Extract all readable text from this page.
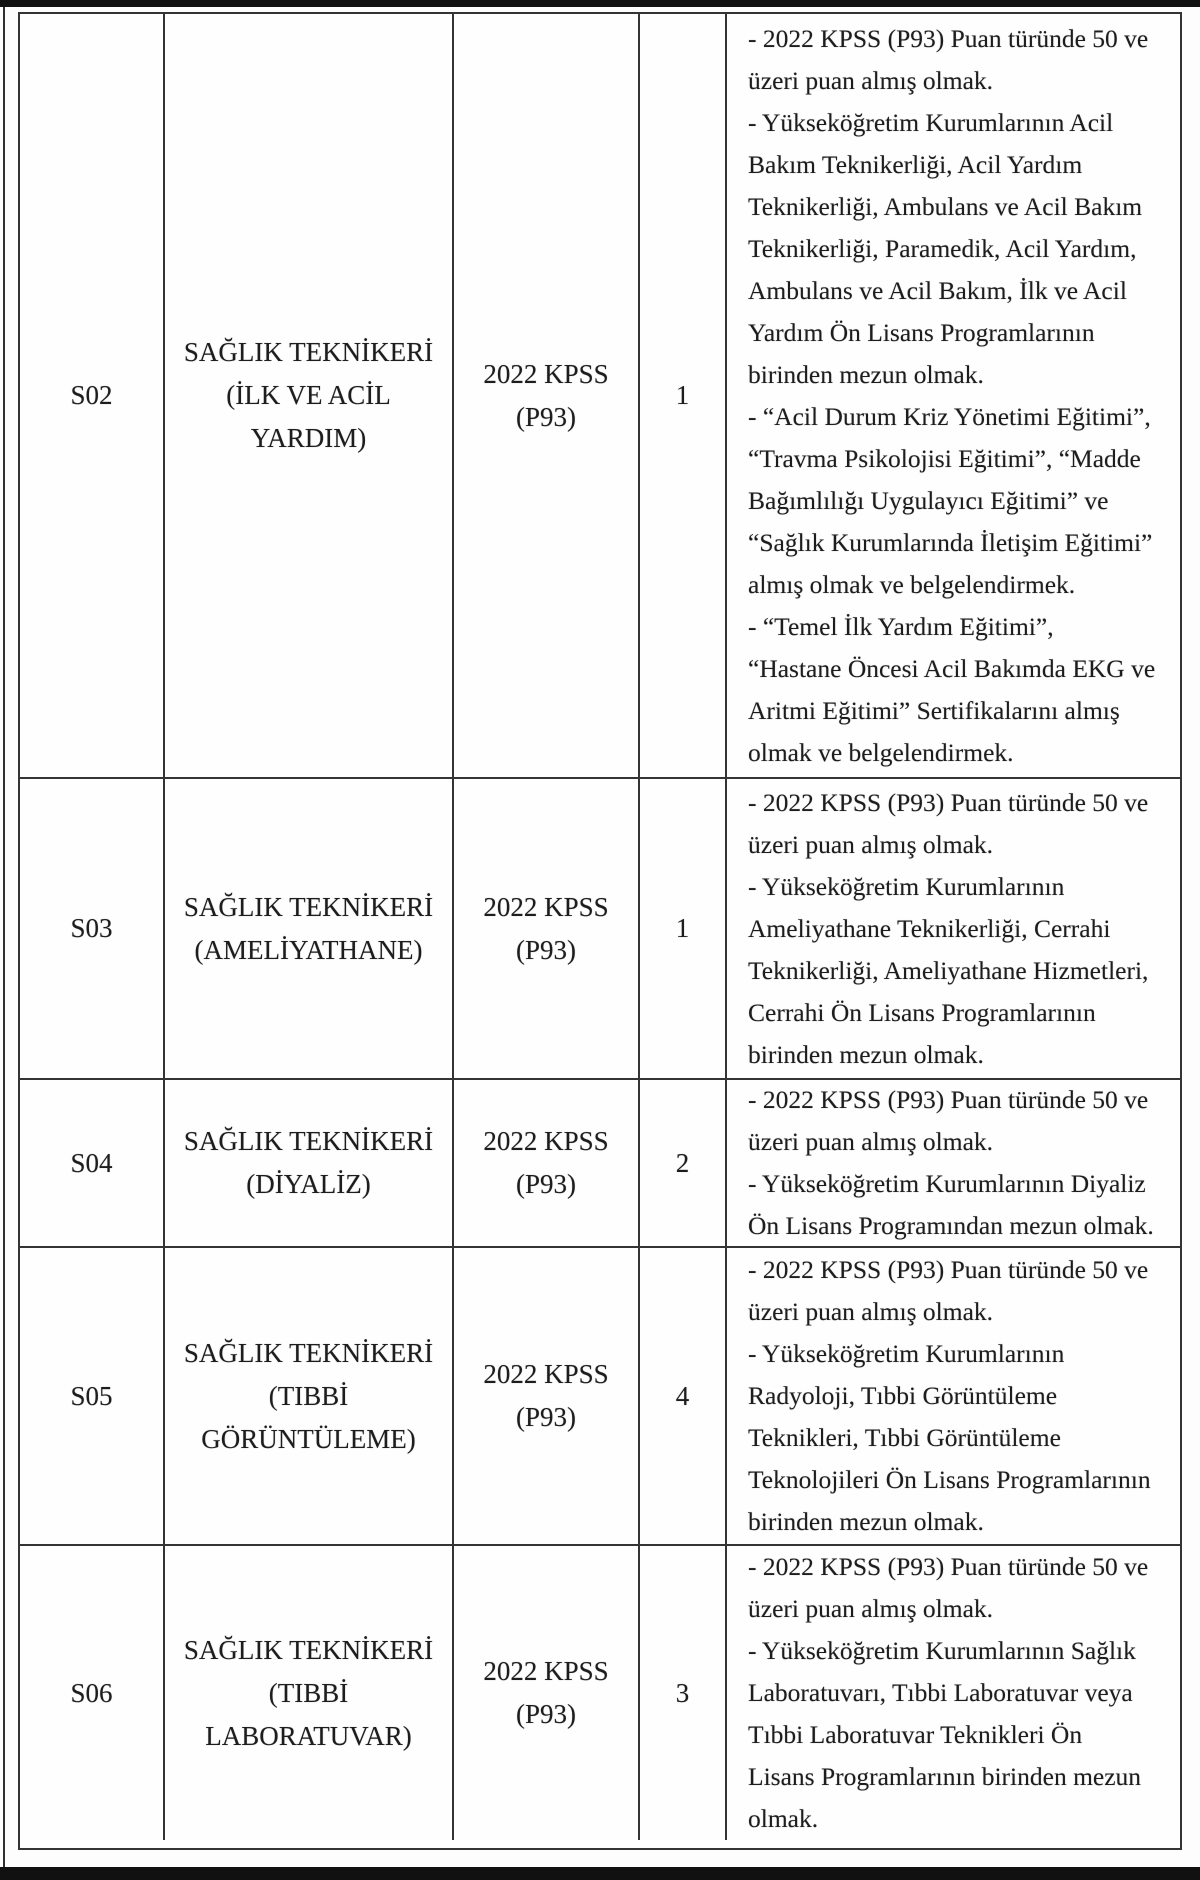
S02
SAĞLIK TEKNİKERİ
(İLK VE ACİL
YARDIM)
2022 KPSS
(P93)
1
- 2022 KPSS (P93) Puan türünde 50 ve
üzeri puan almış olmak.
- Yükseköğretim Kurumlarının Acil
Bakım Teknikerliği, Acil Yardım
Teknikerliği, Ambulans ve Acil Bakım
Teknikerliği, Paramedik, Acil Yardım,
Ambulans ve Acil Bakım, İlk ve Acil
Yardım Ön Lisans Programlarının
birinden mezun olmak.
- “Acil Durum Kriz Yönetimi Eğitimi”,
“Travma Psikolojisi Eğitimi”, “Madde
Bağımlılığı Uygulayıcı Eğitimi” ve
“Sağlık Kurumlarında İletişim Eğitimi”
almış olmak ve belgelendirmek.
- “Temel İlk Yardım Eğitimi”,
“Hastane Öncesi Acil Bakımda EKG ve
Aritmi Eğitimi” Sertifikalarını almış
olmak ve belgelendirmek.
S03
SAĞLIK TEKNİKERİ
(AMELİYATHANE)
2022 KPSS
(P93)
1
- 2022 KPSS (P93) Puan türünde 50 ve
üzeri puan almış olmak.
- Yükseköğretim Kurumlarının
Ameliyathane Teknikerliği, Cerrahi
Teknikerliği, Ameliyathane Hizmetleri,
Cerrahi Ön Lisans Programlarının
birinden mezun olmak.
S04
SAĞLIK TEKNİKERİ
(DİYALİZ)
2022 KPSS
(P93)
2
- 2022 KPSS (P93) Puan türünde 50 ve
üzeri puan almış olmak.
- Yükseköğretim Kurumlarının Diyaliz
Ön Lisans Programından mezun olmak.
S05
SAĞLIK TEKNİKERİ
(TIBBİ
GÖRÜNTÜLEME)
2022 KPSS
(P93)
4
- 2022 KPSS (P93) Puan türünde 50 ve
üzeri puan almış olmak.
- Yükseköğretim Kurumlarının
Radyoloji, Tıbbi Görüntüleme
Teknikleri, Tıbbi Görüntüleme
Teknolojileri Ön Lisans Programlarının
birinden mezun olmak.
S06
SAĞLIK TEKNİKERİ
(TIBBİ
LABORATUVAR)
2022 KPSS
(P93)
3
- 2022 KPSS (P93) Puan türünde 50 ve
üzeri puan almış olmak.
- Yükseköğretim Kurumlarının Sağlık
Laboratuvarı, Tıbbi Laboratuvar veya
Tıbbi Laboratuvar Teknikleri Ön
Lisans Programlarının birinden mezun
olmak.
